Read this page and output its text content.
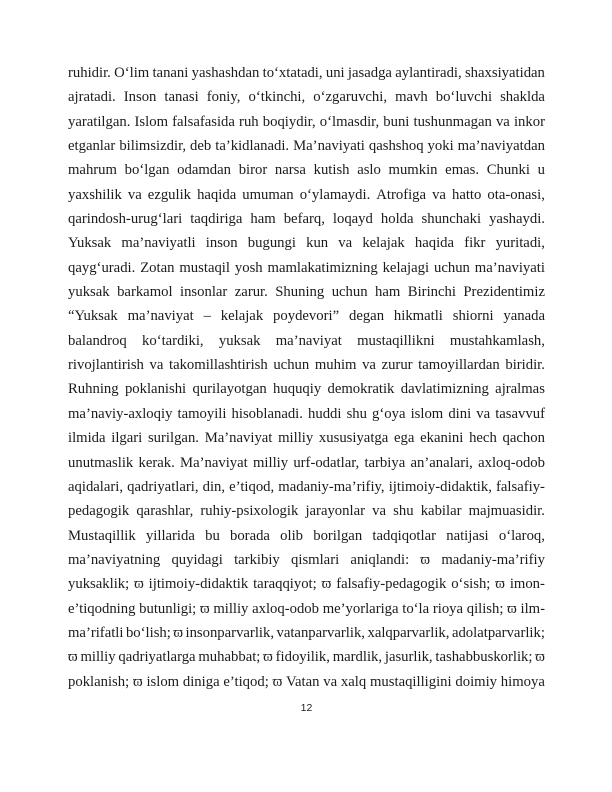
ruhidir. O‘lim tanani yashashdan to‘xtatadi, uni jasadga aylantiradi, shaxsiyatidan
ajratadi. Inson tanasi foniy, o‘tkinchi, o‘zgaruvchi, mavh bo‘luvchi shaklda
yaratilgan. Islom falsafasida ruh boqiydir, o‘lmasdir, buni tushunmagan va inkor
etganlar bilimsizdir, deb ta’kidlanadi. Ma’naviyati qashshoq yoki ma’naviyatdan
mahrum bo‘lgan odamdan biror narsa kutish aslo mumkin emas. Chunki u
yaxshilik va ezgulik haqida umuman o‘ylamaydi. Atrofiga va hatto ota-onasi,
qarindosh-urug‘lari taqdiriga ham befarq, loqayd holda shunchaki yashaydi.
Yuksak ma’naviyatli inson bugungi kun va kelajak haqida fikr yuritadi,
qayg‘uradi. Zotan mustaqil yosh mamlakatimizning kelajagi uchun ma’naviyati
yuksak barkamol insonlar zarur. Shuning uchun ham Birinchi Prezidentimiz
“Yuksak ma’naviyat – kelajak poydevori” degan hikmatli shiorni yanada
balandroq ko‘tardiki, yuksak ma’naviyat mustaqillikni mustahkamlash,
rivojlantirish va takomillashtirish uchun muhim va zurur tamoyillardan biridir.
Ruhning poklanishi qurilayotgan huquqiy demokratik davlatimizning ajralmas
ma’naviy-axloqiy tamoyili hisoblanadi. huddi shu g‘oya islom dini va tasavvuf
ilmida ilgari surilgan. Ma’naviyat milliy xususiyatga ega ekanini hech qachon
unutmaslik kerak. Ma’naviyat milliy urf-odatlar, tarbiya an’analari, axloq-odob
aqidalari, qadriyatlari, din, e’tiqod, madaniy-ma’rifiy, ijtimoiy-didaktik, falsafiy-
pedagogik qarashlar, ruhiy-psixologik jarayonlar va shu kabilar majmuasidir.
Mustaqillik yillarida bu borada olib borilgan tadqiqotlar natijasi o‘laroq,
ma’naviyatning quyidagi tarkibiy qismlari aniqlandi: ϖ madaniy-ma’rifiy
yuksaklik; ϖ ijtimoiy-didaktik taraqqiyot; ϖ falsafiy-pedagogik o‘sish; ϖ imon-
e’tiqodning butunligi; ϖ milliy axloq-odob me’yorlariga to‘la rioya qilish; ϖ ilm-
ma’rifatli bo‘lish; ϖ insonparvarlik, vatanparvarlik, xalqparvarlik, adolatparvarlik;
ϖ milliy qadriyatlarga muhabbat; ϖ fidoyilik, mardlik, jasurlik, tashabbuskorlik; ϖ
poklanish; ϖ islom diniga e’tiqod; ϖ Vatan va xalq mustaqilligini doimiy himoya
12
